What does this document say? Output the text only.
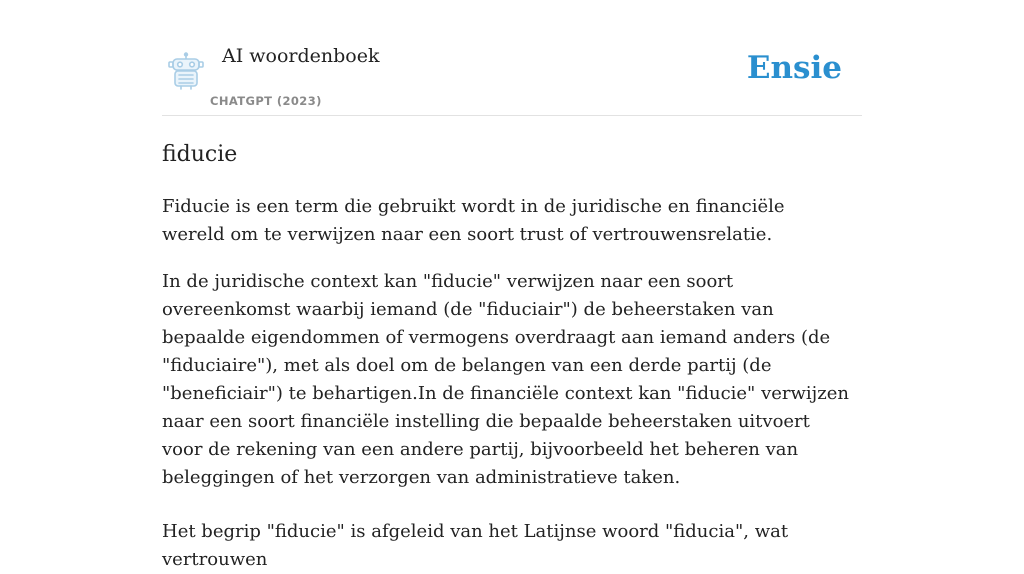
AI woordenboek
CHATGPT (2023)
Ensie
fiducie

Fiducie is een term die gebruikt wordt in de juridische en financiële wereld om te verwijzen naar een soort trust of vertrouwensrelatie.

In de juridische context kan "fiducie" verwijzen naar een soort overeenkomst waarbij iemand (de "fiduciair") de beheerstaken van bepaalde eigendommen of vermogens overdraagt aan iemand anders (de "fiduciaire"), met als doel om de belangen van een derde partij (de "beneficiair") te behartigen.In de financiële context kan "fiducie" verwijzen naar een soort financiële instelling die bepaalde beheerstaken uitvoert voor de rekening van een andere partij, bijvoorbeeld het beheren van beleggingen of het verzorgen van administratieve taken.

Het begrip "fiducie" is afgeleid van het Latijnse woord "fiducia", wat vertrouwen
